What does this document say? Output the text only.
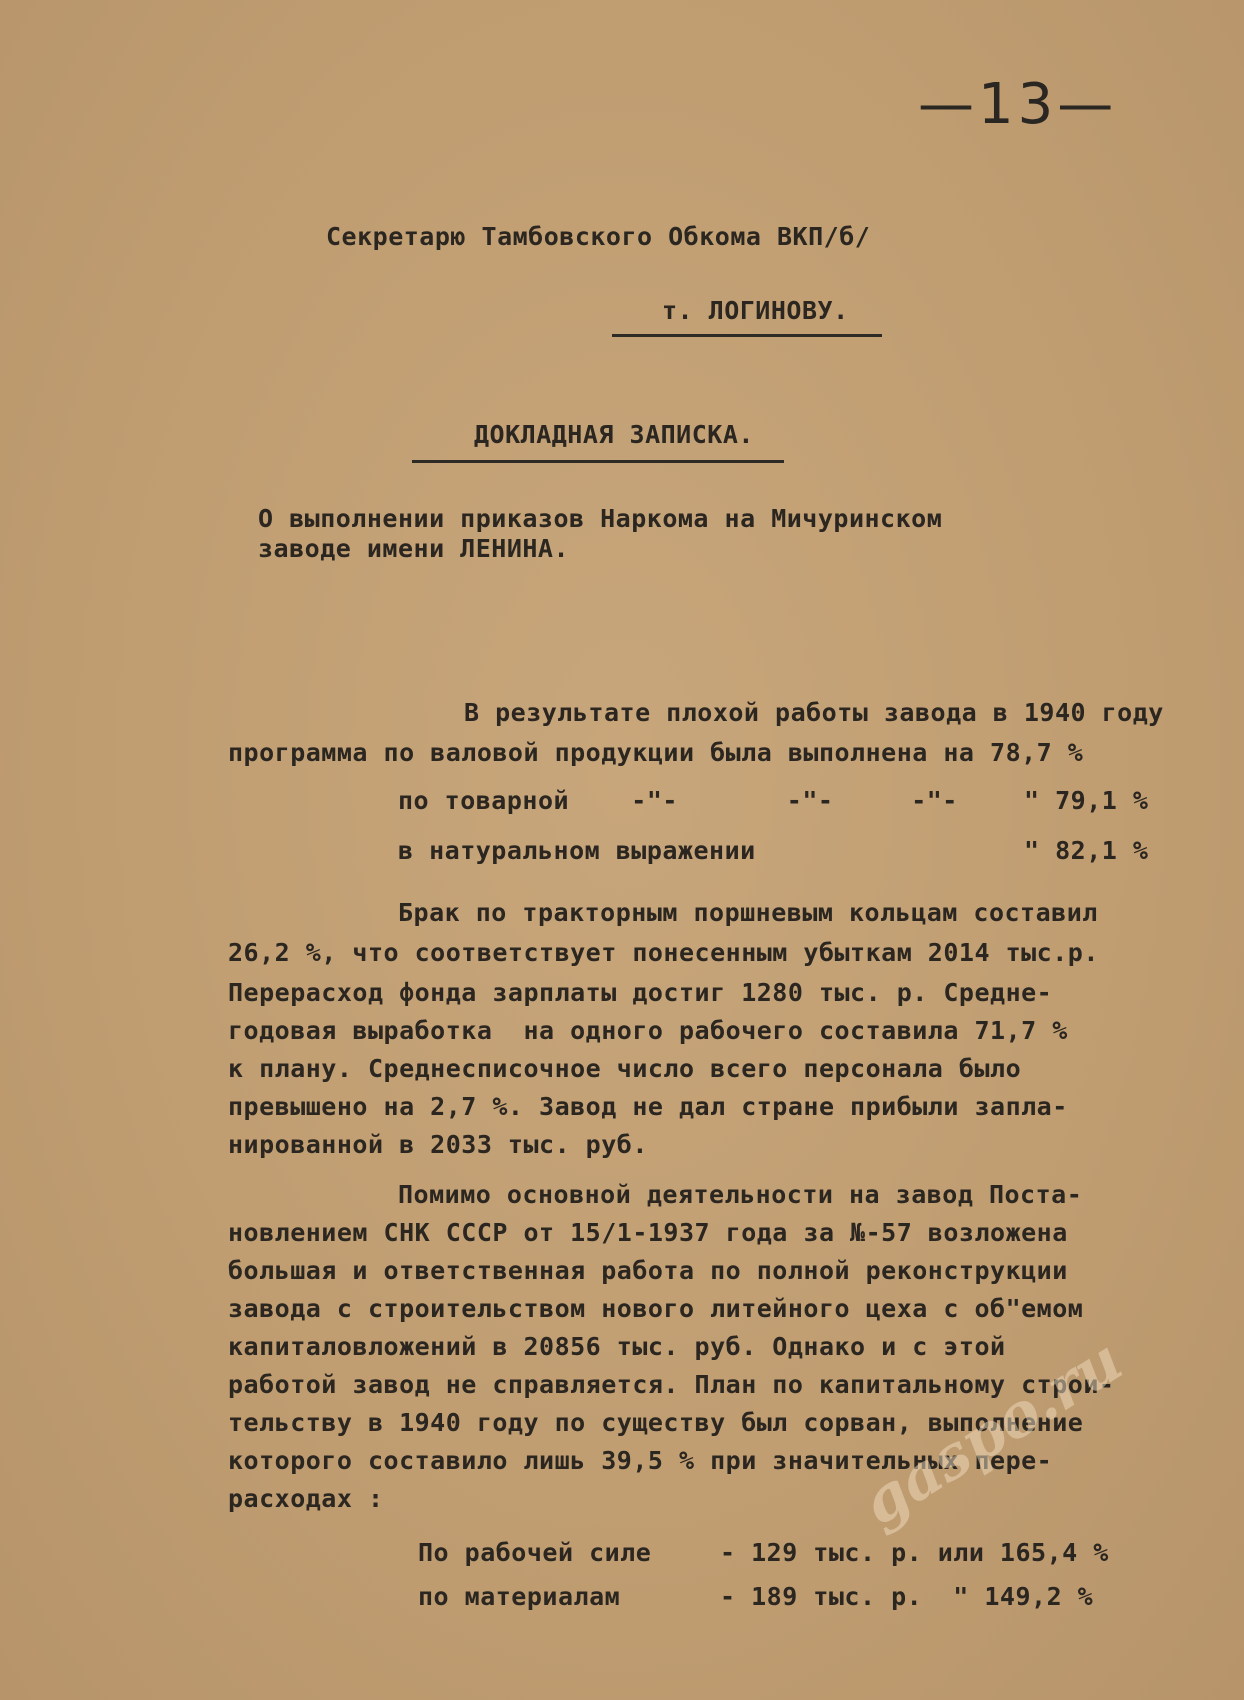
—13—
Секретарю Тамбовского Обкома ВКП/б/
т. ЛОГИНОВУ.
ДОКЛАДНАЯ ЗАПИСКА.
О выполнении приказов Наркома на Мичуринском
заводе имени ЛЕНИНА.
В результате плохой работы завода в 1940 году
программа по валовой продукции была выполнена на 78,7 %
по товарной    -"-       -"-     -"-	" 79,1 %
в натуральном выражении	" 82,1 %
Брак по тракторным поршневым кольцам составил
26,2 %, что соответствует понесенным убыткам 2014 тыс.р.
Перерасход фонда зарплаты достиг 1280 тыс. р. Средне-
годовая выработка  на одного рабочего составила 71,7 %
к плану. Среднесписочное число всего персонала было
превышено на 2,7 %. Завод не дал стране прибыли запла-
нированной в 2033 тыс. руб.
Помимо основной деятельности на завод Поста-
новлением СНК СССР от 15/1-1937 года за №-57 возложена
большая и ответственная работа по полной реконструкции
завода с строительством нового литейного цеха с об"емом
капиталовложений в 20856 тыс. руб. Однако и с этой
работой завод не справляется. План по капитальному строи-
тельству в 1940 году по существу был сорван, выполнение
которого составило лишь 39,5 % при значительных пере-
расходах :
По рабочей силе	- 129 тыс. р. или 165,4 %
по материалам	- 189 тыс. р.  " 149,2 %
gaspo.ru
